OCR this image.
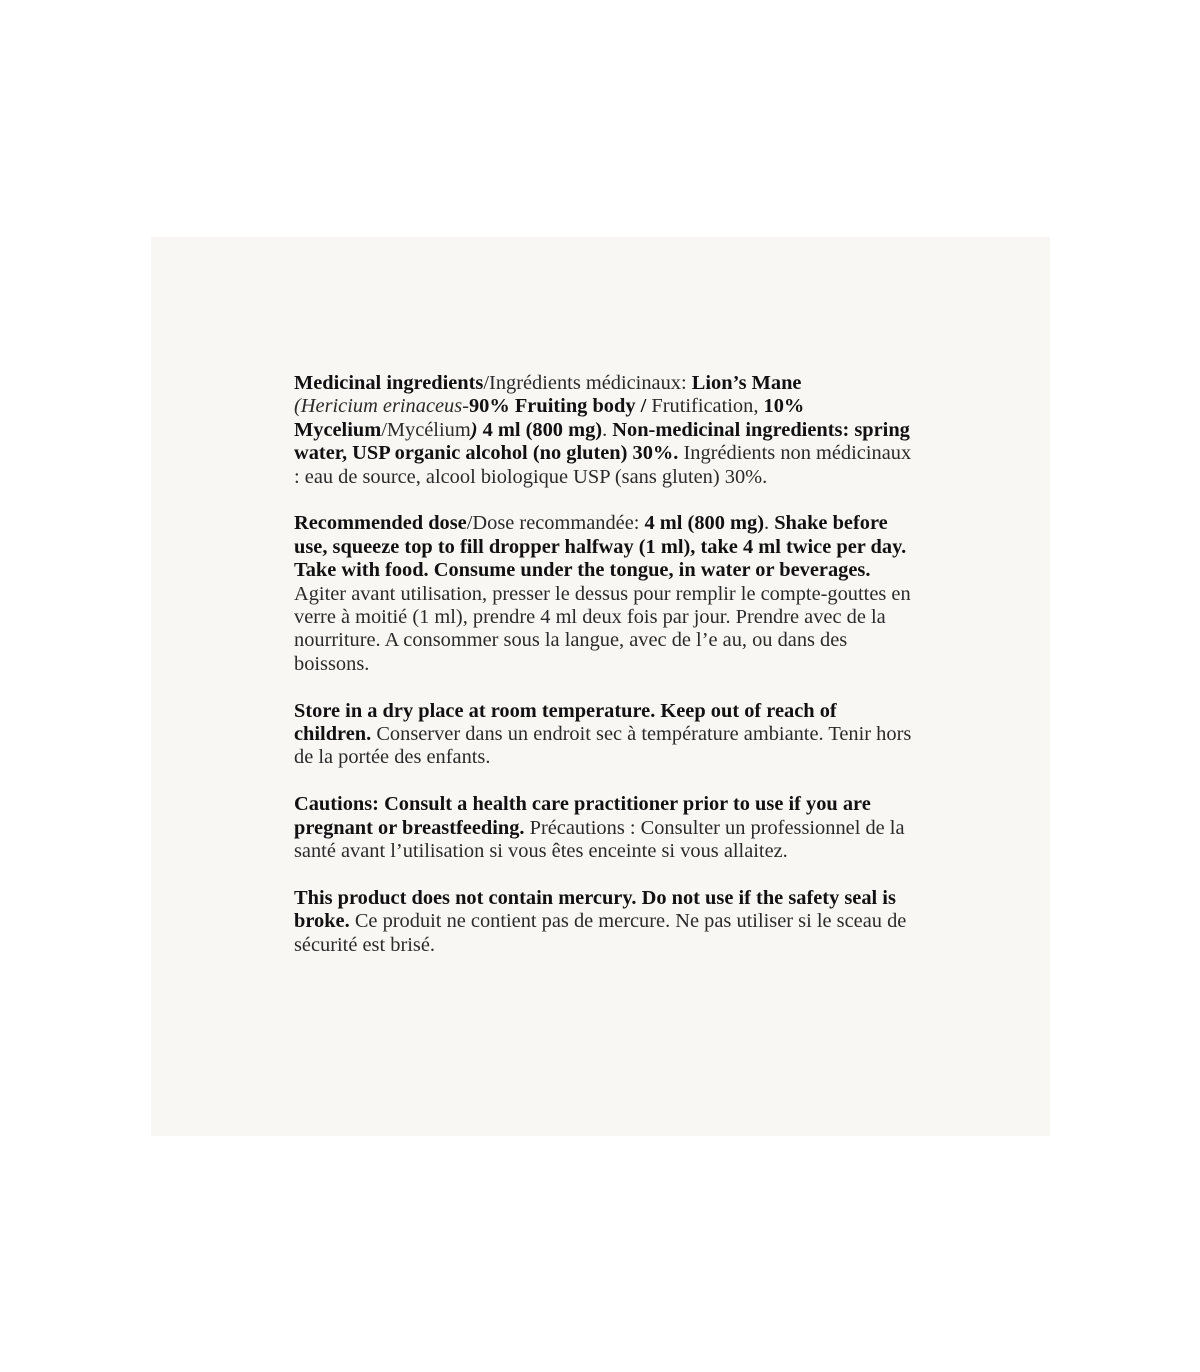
Medicinal ingredients/Ingrédients médicinaux: Lion’s Mane
(Hericium erinaceus-90% Fruiting body / Frutification, 10% Mycelium/Mycélium) 4 ml (800 mg). Non-medicinal ingredients: spring water, USP organic alcohol (no gluten) 30%. Ingrédients non médicinaux : eau de source, alcool biologique USP (sans gluten) 30%.

Recommended dose/Dose recommandée: 4 ml (800 mg). Shake before use, squeeze top to fill dropper halfway (1 ml), take 4 ml twice per day. Take with food. Consume under the tongue, in water or beverages. Agiter avant utilisation, presser le dessus pour remplir le compte-gouttes en verre à moitié (1 ml), prendre 4 ml deux fois par jour. Prendre avec de la nourriture. A consommer sous la langue, avec de l’e au, ou dans des boissons.

Store in a dry place at room temperature. Keep out of reach of children. Conserver dans un endroit sec à température ambiante. Tenir hors de la portée des enfants.

Cautions: Consult a health care practitioner prior to use if you are pregnant or breastfeeding. Précautions : Consulter un professionnel de la santé avant l’utilisation si vous êtes enceinte si vous allaitez.

This product does not contain mercury. Do not use if the safety seal is broke. Ce produit ne contient pas de mercure. Ne pas utiliser si le sceau de sécurité est brisé.
